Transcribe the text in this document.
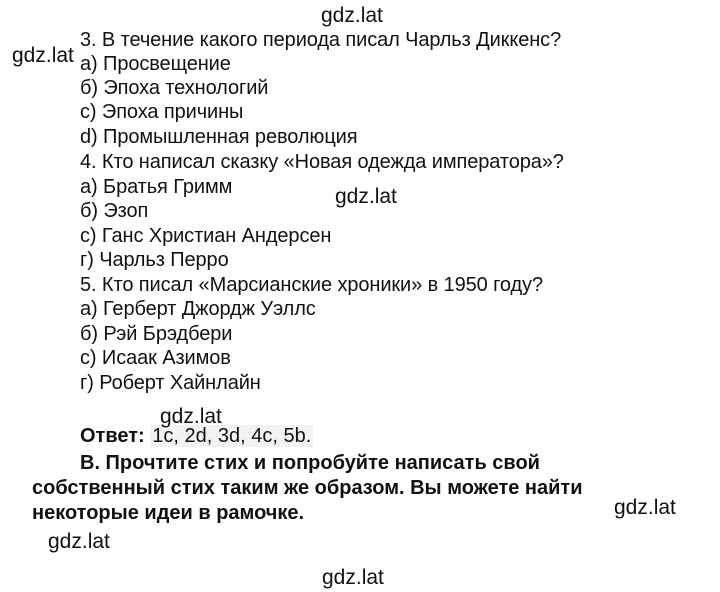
3. В течение какого периода писал Чарльз Диккенс?
а) Просвещение
б) Эпоха технологий
с) Эпоха причины
d) Промышленная революция
4. Кто написал сказку «Новая одежда императора»?
а) Братья Гримм
б) Эзоп
с) Ганс Христиан Андерсен
г) Чарльз Перро
5. Кто писал «Марсианские хроники» в 1950 году?
а) Герберт Джордж Уэллс
б) Рэй Брэдбери
с) Исаак Азимов
г) Роберт Хайнлайн
Ответ: 1c, 2d, 3d, 4c, 5b.
B. Прочтите стих и попробуйте написать свой
собственный стих таким же образом. Вы можете найти
некоторые идеи в рамочке.
gdz.lat
gdz.lat
gdz.lat
gdz.lat
gdz.lat
gdz.lat
gdz.lat
